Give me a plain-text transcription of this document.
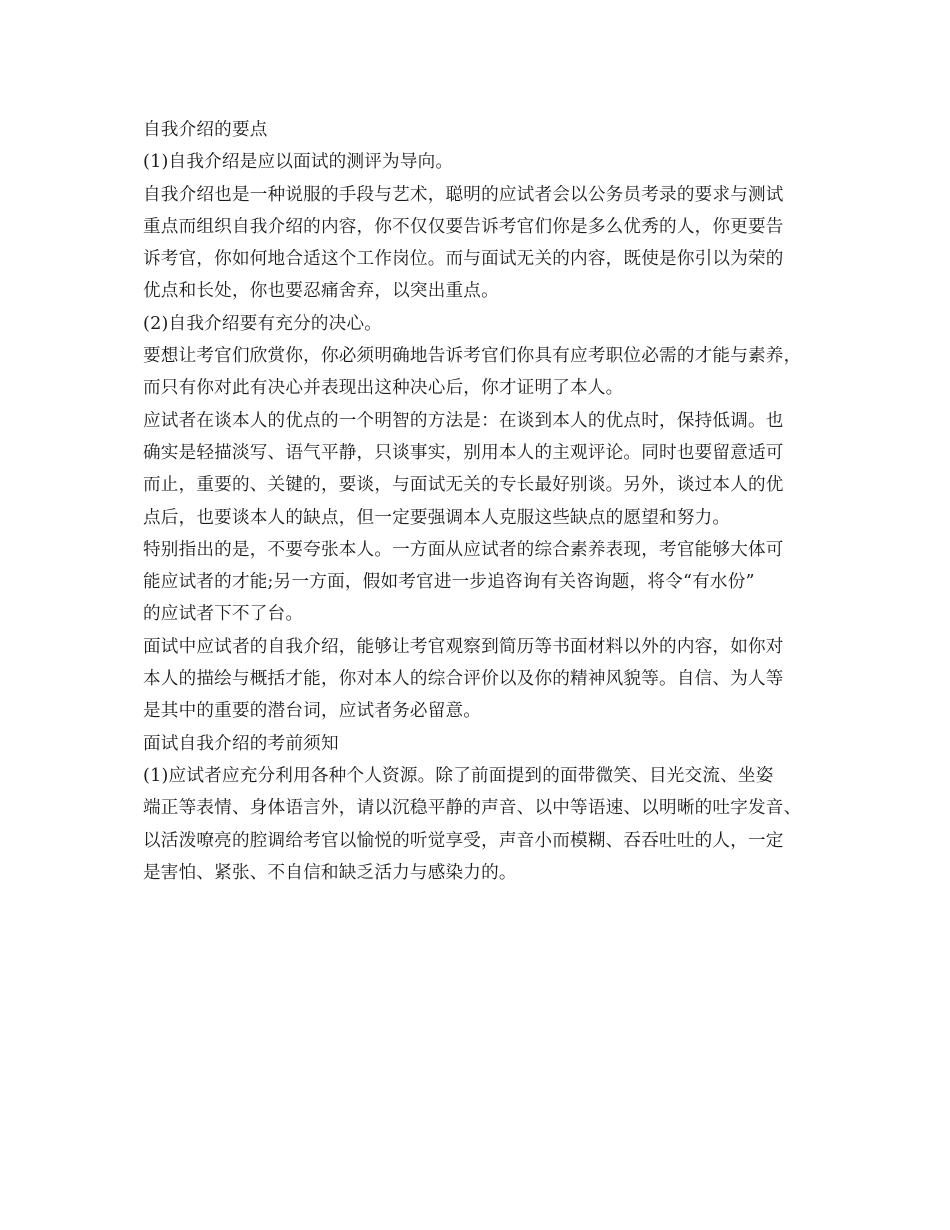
自我介绍的要点
(1)自我介绍是应以面试的测评为导向。
自我介绍也是一种说服的手段与艺术，聪明的应试者会以公务员考录的要求与测试
重点而组织自我介绍的内容，你不仅仅要告诉考官们你是多么优秀的人，你更要告
诉考官，你如何地合适这个工作岗位。而与面试无关的内容，既使是你引以为荣的
优点和长处，你也要忍痛舍弃，以突出重点。
(2)自我介绍要有充分的决心。
要想让考官们欣赏你，你必须明确地告诉考官们你具有应考职位必需的才能与素养，
而只有你对此有决心并表现出这种决心后，你才证明了本人。
应试者在谈本人的优点的一个明智的方法是：在谈到本人的优点时，保持低调。也
确实是轻描淡写、语气平静，只谈事实，别用本人的主观评论。同时也要留意适可
而止，重要的、关键的，要谈，与面试无关的专长最好别谈。另外，谈过本人的优
点后，也要谈本人的缺点，但一定要强调本人克服这些缺点的愿望和努力。
特别指出的是，不要夸张本人。一方面从应试者的综合素养表现，考官能够大体可
能应试者的才能;另一方面，假如考官进一步追咨询有关咨询题，将令“有水份”
的应试者下不了台。
面试中应试者的自我介绍，能够让考官观察到简历等书面材料以外的内容，如你对
本人的描绘与概括才能，你对本人的综合评价以及你的精神风貌等。自信、为人等
是其中的重要的潜台词，应试者务必留意。
面试自我介绍的考前须知
(1)应试者应充分利用各种个人资源。除了前面提到的面带微笑、目光交流、坐姿
端正等表情、身体语言外，请以沉稳平静的声音、以中等语速、以明晰的吐字发音、
以活泼嘹亮的腔调给考官以愉悦的听觉享受，声音小而模糊、吞吞吐吐的人，一定
是害怕、紧张、不自信和缺乏活力与感染力的。
